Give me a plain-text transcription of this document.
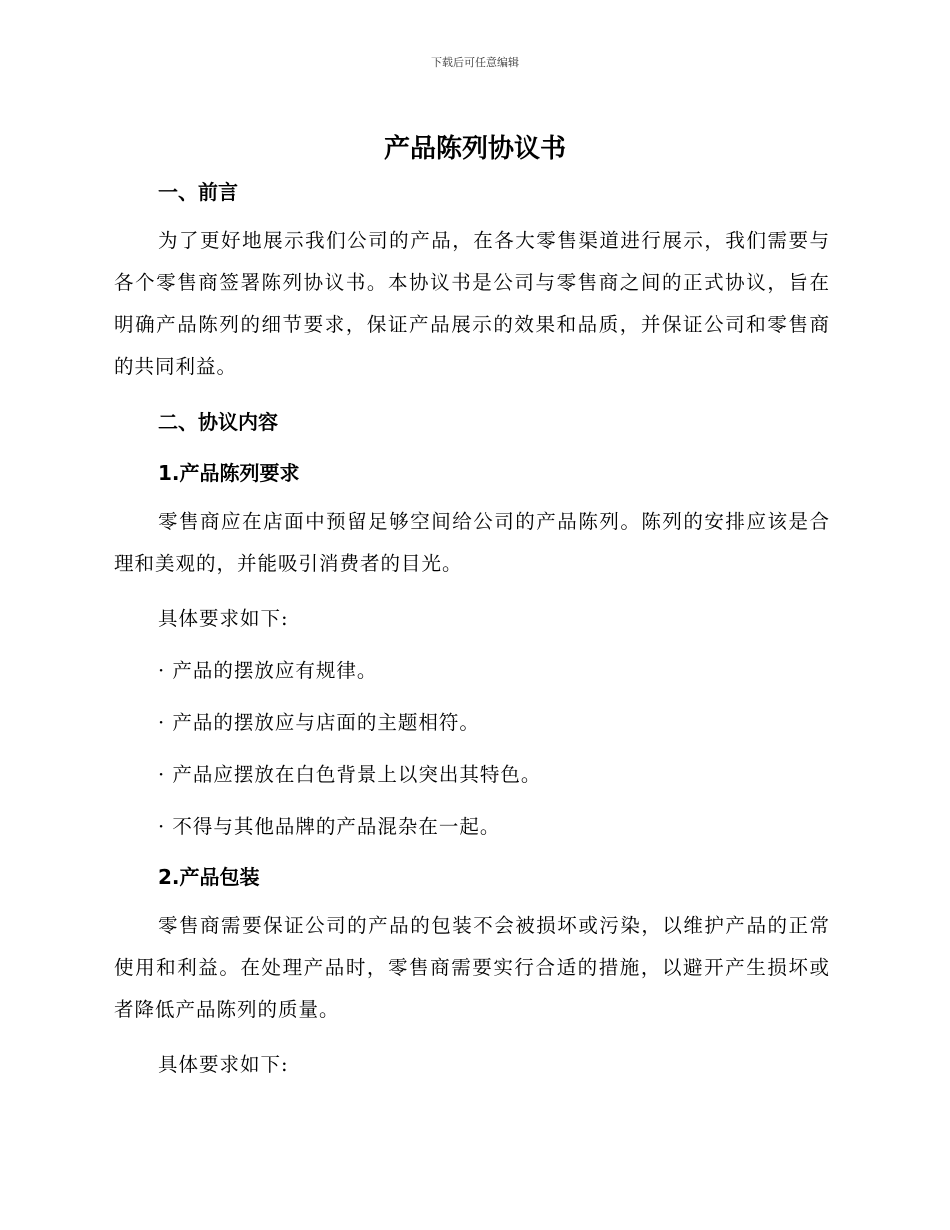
下载后可任意编辑
产品陈列协议书
一、前言
为了更好地展示我们公司的产品，在各大零售渠道进行展示，我们需要与各个零售商签署陈列协议书。本协议书是公司与零售商之间的正式协议，旨在明确产品陈列的细节要求，保证产品展示的效果和品质，并保证公司和零售商的共同利益。
二、协议内容
1.产品陈列要求
零售商应在店面中预留足够空间给公司的产品陈列。陈列的安排应该是合理和美观的，并能吸引消费者的目光。
具体要求如下:
· 产品的摆放应有规律。
· 产品的摆放应与店面的主题相符。
· 产品应摆放在白色背景上以突出其特色。
· 不得与其他品牌的产品混杂在一起。
2.产品包装
零售商需要保证公司的产品的包装不会被损坏或污染，以维护产品的正常使用和利益。在处理产品时，零售商需要实行合适的措施，以避开产生损坏或者降低产品陈列的质量。
具体要求如下:
